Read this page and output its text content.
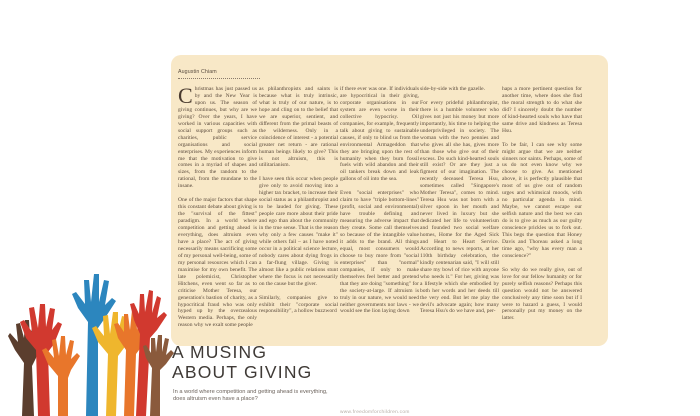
Augustin Chiam

Christmas has just passed us by and the New Year is upon us. The season of giving continues, but why are we giving? Over the years, I have worked in various capacities with social support groups such as charities, public service organisations and social enterprises. My experiences inform me that the motivation to give comes in a myriad of shapes and sizes, from the random to the rational, from the mundane to the insane.

One of the major factors that shape this constant debate about giving is the "survival of the fittest" paradigm. In a world where competition and getting ahead is everything, does altruism even have a place? The act of giving necessarily means sacrificing some of my personal well-being, some of my personal resources which I can maximise for my own benefit. The late polemicist, Christopher Hitchens, even went so far as to criticise Mother Teresa, our generation's bastion of charity, as a hypocritical fraud who was only hyped up by the overzealous Western media. Perhaps, the only reason why we exalt some people

as philanthropists and saints is because what is truly intrinsic, what is truly of our nature, is to hope and cling on to the belief that we are superior, sentient, and different from the primal beasts of the wilderness. Only in a coincidence of interest - a potential greater net return - are rational human beings likely to give? This is not altruism, this is utilitarianism.

I have seen this occur when people give only to avoid moving into a higher tax bracket, to increase their social status as a philanthropist and to be lauded for giving. These people care more about their pride and ego than about the community in the true sense. That is the reason why only a few causes "make it" while others fail – as I have noted occur in a political science lecture, nobody cares about dying frogs in a far-flung village. Giving is almost like a public relations stunt where the focus is not necessarily on the cause but the giver.

Similarly, companies give to exhibit their "corporate social responsibility", a hollow buzzword

if there ever was one. If individuals are hypocritical in their giving, corporate organisations in our system are even worse in their collective hypocrisy. Oil companies, for example, frequently talk about giving to sustainable causes, if only to blind us from the environmental Armageddon that they are bringing upon the rest of humanity when they burn fossil fuels with wild abandon and their oil tankers break down and leak gallons of oil into the sea.

Even "social enterprises" who claim to have "triple bottom-lines" (profit, social and environmental) have trouble defining and measuring the adverse impact that they create. Some call themselves so because of the intangible value it adds to the brand. All things equal, most consumers would choose to buy more from "social enterprises" than "normal" companies, if only to make themselves feel better and pretend that they are doing "something" for the society-at-large. If altruism is truly in our nature, we would need neither governments nor laws - we would see the lion laying down

side-by-side with the gazelle.

For every prideful philanthropist, there is a humble volunteer who gives not just his money but more importantly, his time to helping the underprivileged in society. The woman with the two pennies and who gives all she has, gives more than those who give out of their excess. Do such kind-hearted souls still exist? Or are they just a figment of our imagination. The recently deceased Teresa Hsu, sometimes called "Singapore's Mother Teresa", comes to mind. Teresa Hsu was not born with a silver spoon in her mouth and never lived in luxury but she dedicated her life to volunteerism and founded two social welfare homes, Home for the Aged Sick and Heart to Heart Service. According to news reports, at her 110th birthday celebration, the kindly centenarian said, "I will still share my bowl of rice with anyone who needs it." For her, giving was a lifestyle which she embodied by both her words and her deeds till the very end. But let me play the devil's advocate again; how many Teresa Hsu's do we have and, per-

haps a more pertinent question for another time, where does she find the moral strength to do what she did? I sincerely doubt the number of kind-hearted souls who have that same drive and kindness as Teresa Hsu.

To be fair, I can see why some might argue that we are neither sinners nor saints. Perhaps, some of us do not even know why we choose to give. As mentioned above, it is perfectly plausible that most of us give out of random urges and whimsical moods, with no particular agenda in mind. Maybe, we cannot escape our selfish nature and the best we can do is to give as much as our guilty conscience prickles us to fork out. This begs the question that Honey Davis and Thoreau asked a long time ago, "why has every man a conscience?"

So why do we really give, out of love for our fellow humanity or for purely selfish reasons? Perhaps this question would not be answered conclusively any time soon but if I were to hazard a guess, I would personally put my money on the latter.

A MUSING
ABOUT GIVING
In a world where competition and getting ahead is everything,
does altruism even have a place?
www.freedomforchildren.com
